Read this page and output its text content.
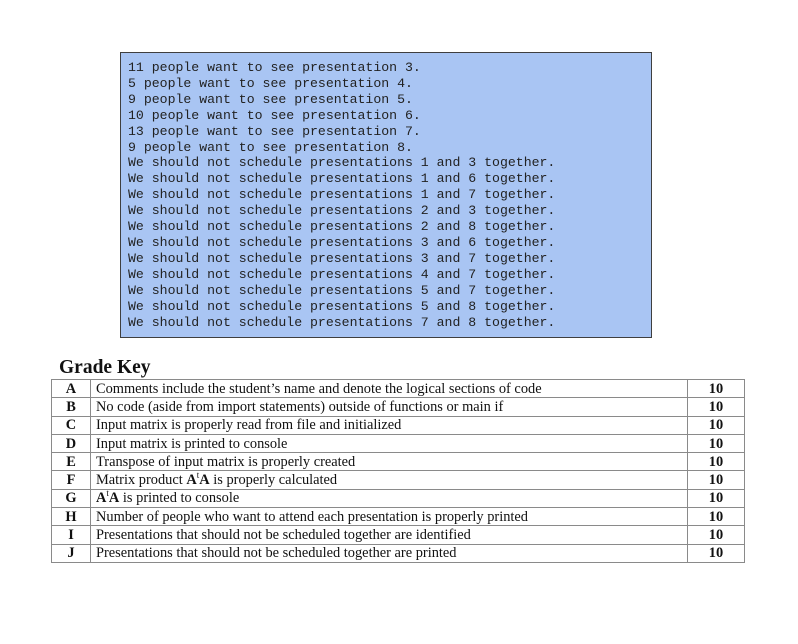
11 people want to see presentation 3.
5 people want to see presentation 4.
9 people want to see presentation 5.
10 people want to see presentation 6.
13 people want to see presentation 7.
9 people want to see presentation 8.
We should not schedule presentations 1 and 3 together.
We should not schedule presentations 1 and 6 together.
We should not schedule presentations 1 and 7 together.
We should not schedule presentations 2 and 3 together.
We should not schedule presentations 2 and 8 together.
We should not schedule presentations 3 and 6 together.
We should not schedule presentations 3 and 7 together.
We should not schedule presentations 4 and 7 together.
We should not schedule presentations 5 and 7 together.
We should not schedule presentations 5 and 8 together.
We should not schedule presentations 7 and 8 together.
Grade Key
A	Comments include the student’s name and denote the logical sections of code	10
B	No code (aside from import statements) outside of functions or main if	10
C	Input matrix is properly read from file and initialized	10
D	Input matrix is printed to console	10
E	Transpose of input matrix is properly created	10
F	Matrix product $A^tA$ is properly calculated	10
G	$A^tA$ is printed to console	10
H	Number of people who want to attend each presentation is properly printed	10
I	Presentations that should not be scheduled together are identified	10
J	Presentations that should not be scheduled together are printed	10
